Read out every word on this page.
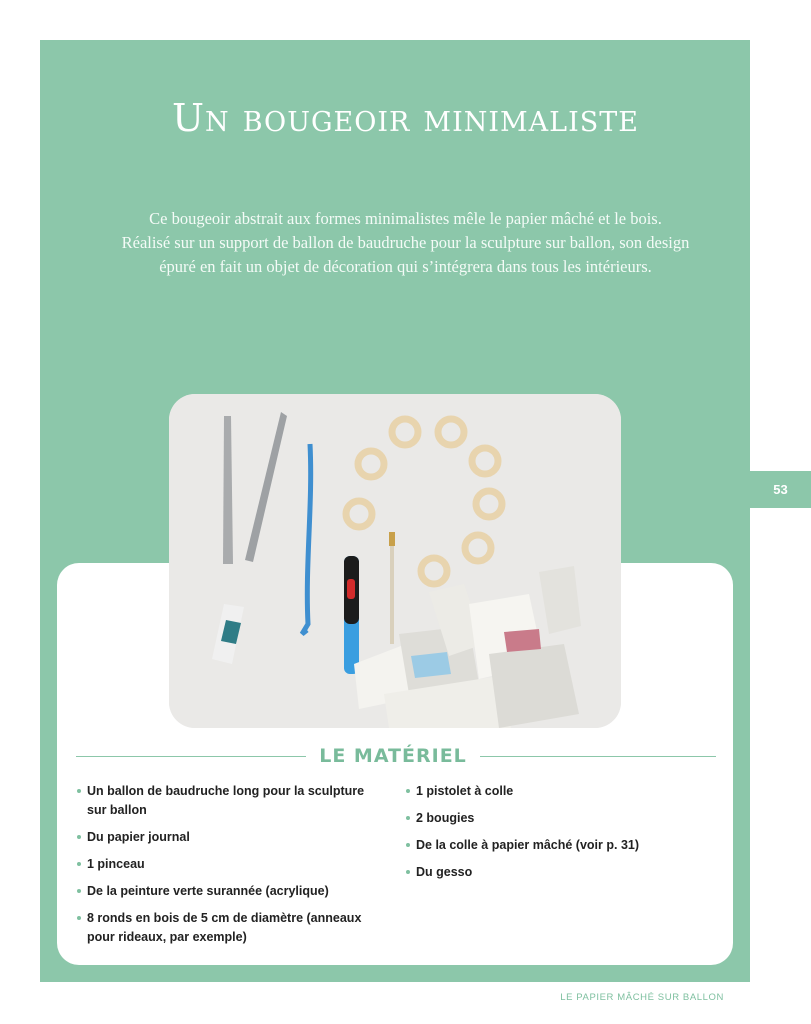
Un bougeoir minimaliste

Ce bougeoir abstrait aux formes minimalistes mêle le papier mâché et le bois.
Réalisé sur un support de ballon de baudruche pour la sculpture sur ballon, son design
épuré en fait un objet de décoration qui s’intégrera dans tous les intérieurs.

53
LE MATÉRIEL
Un ballon de baudruche long pour la sculpture sur ballon
Du papier journal
1 pinceau
De la peinture verte surannée (acrylique)
8 ronds en bois de 5 cm de diamètre (anneaux pour rideaux, par exemple)
1 pistolet à colle
2 bougies
De la colle à papier mâché (voir p. 31)
Du gesso
LE PAPIER MÂCHÉ SUR BALLON
